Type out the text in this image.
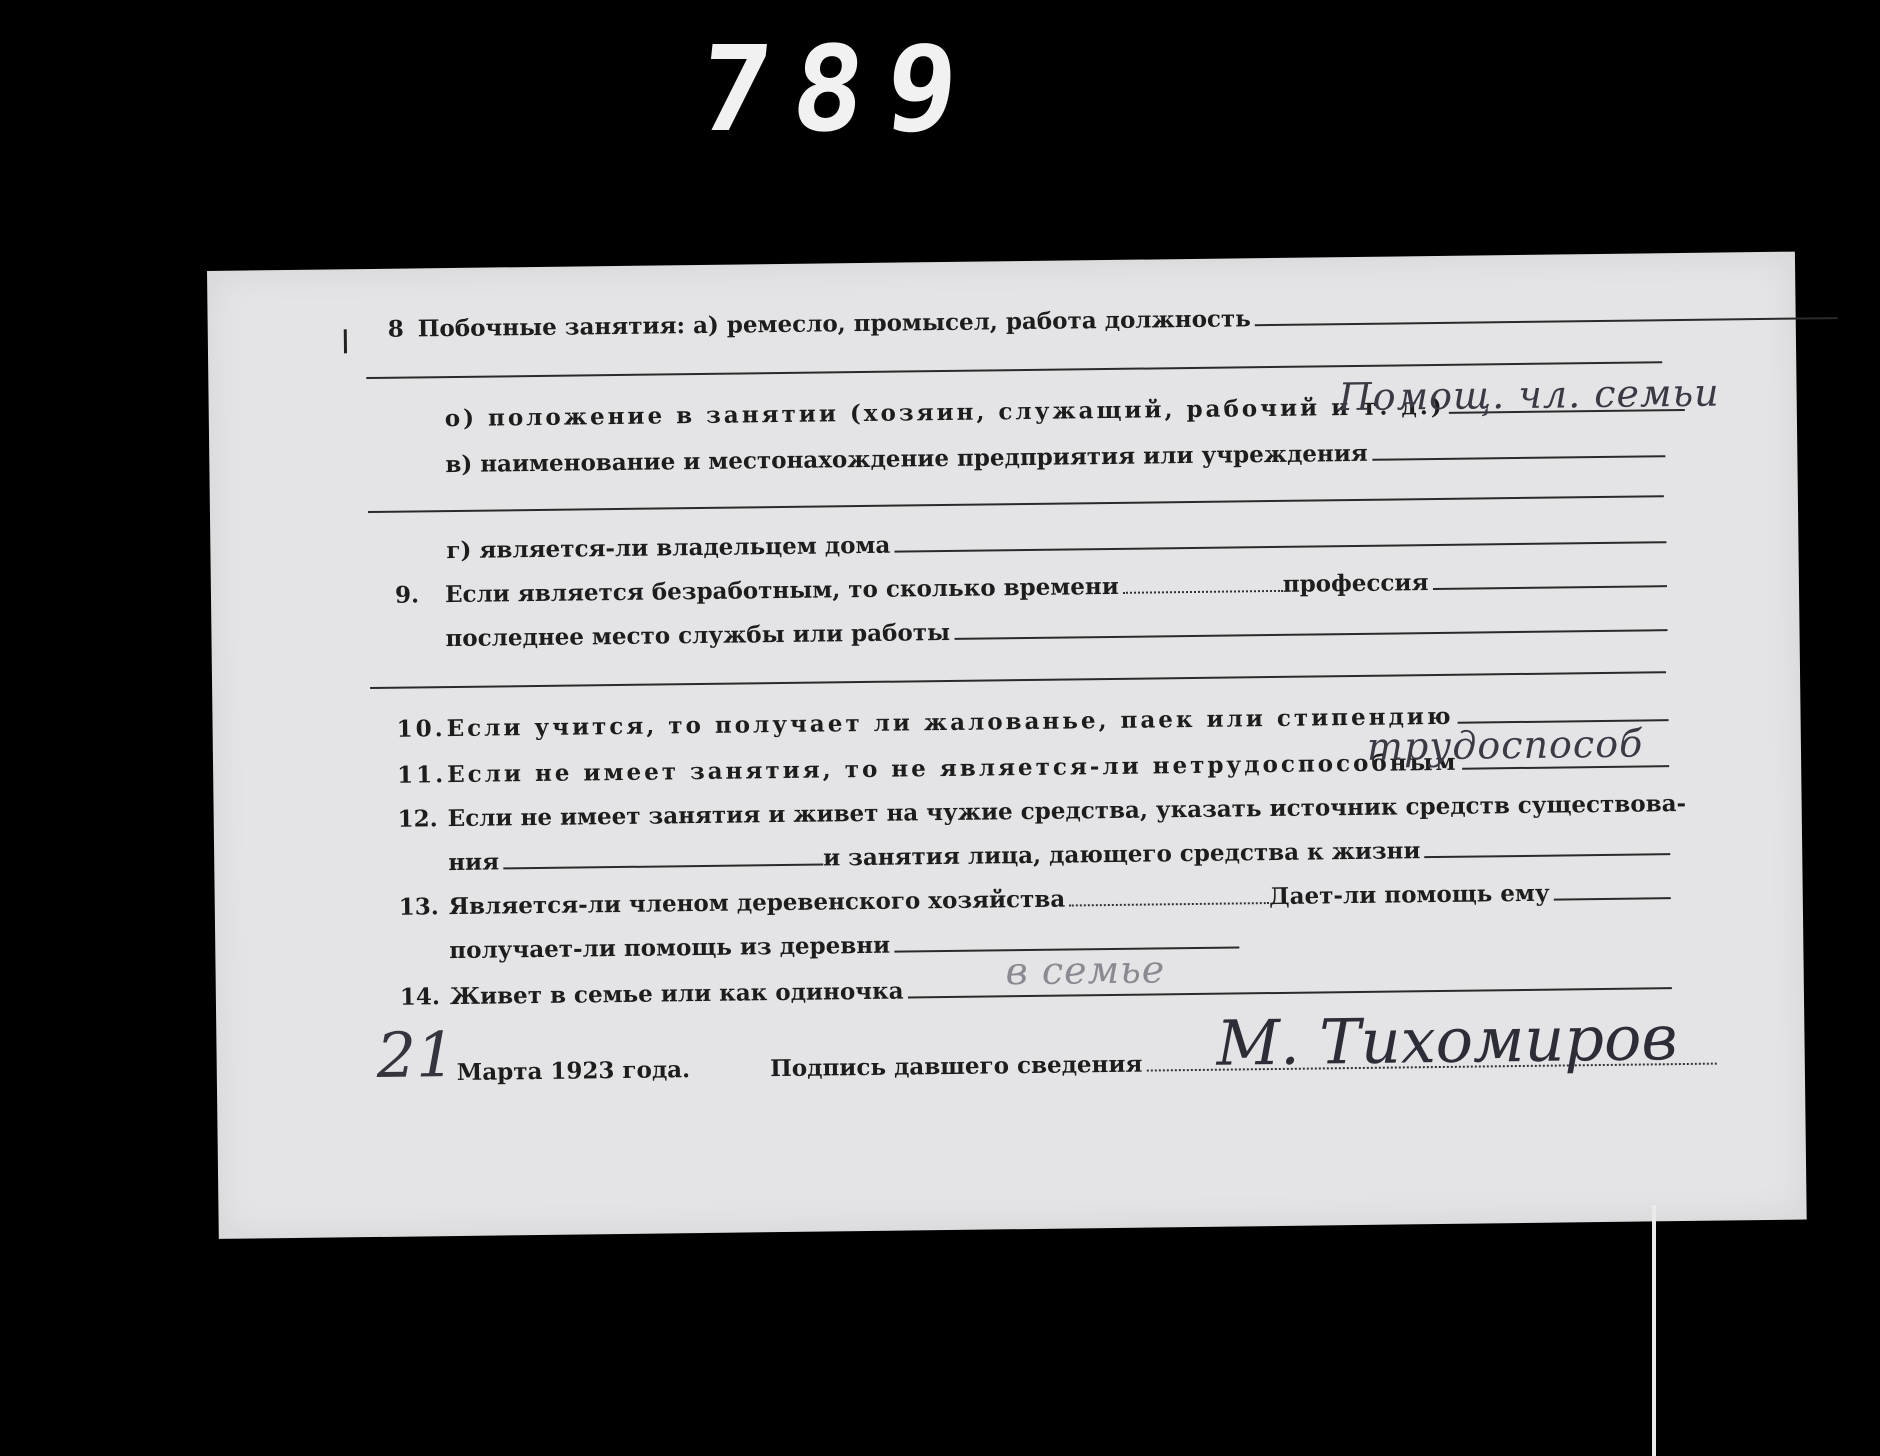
789
8 Побочные занятия: а) ремесло, промысел, работа должность
о) положение в занятии (хозяин, служащий, рабочий и т. д.)
Помощ. чл. семьи
в) наименование и местонахождение предприятия или учреждения
г) является-ли владельцем дома
9.	Если является безработным, то сколько времени	профессия
последнее место службы или работы
10. Если учится, то получает ли жалованье, паек или стипендию
11. Если не имеет занятия, то не является-ли нетрудоспособным
трудоспособ
12. Если не имеет занятия и живет на чужие средства, указать источник средств существова-
ния	и занятия лица, дающего средства к жизни
13. Является-ли членом деревенского хозяйства	Дает-ли помощь ему
получает-ли помощь из деревни
14. Живет в семье или как одиночка
в семье
21 Марта 1923 года.	Подпись давшего сведения М. Тихомиров
